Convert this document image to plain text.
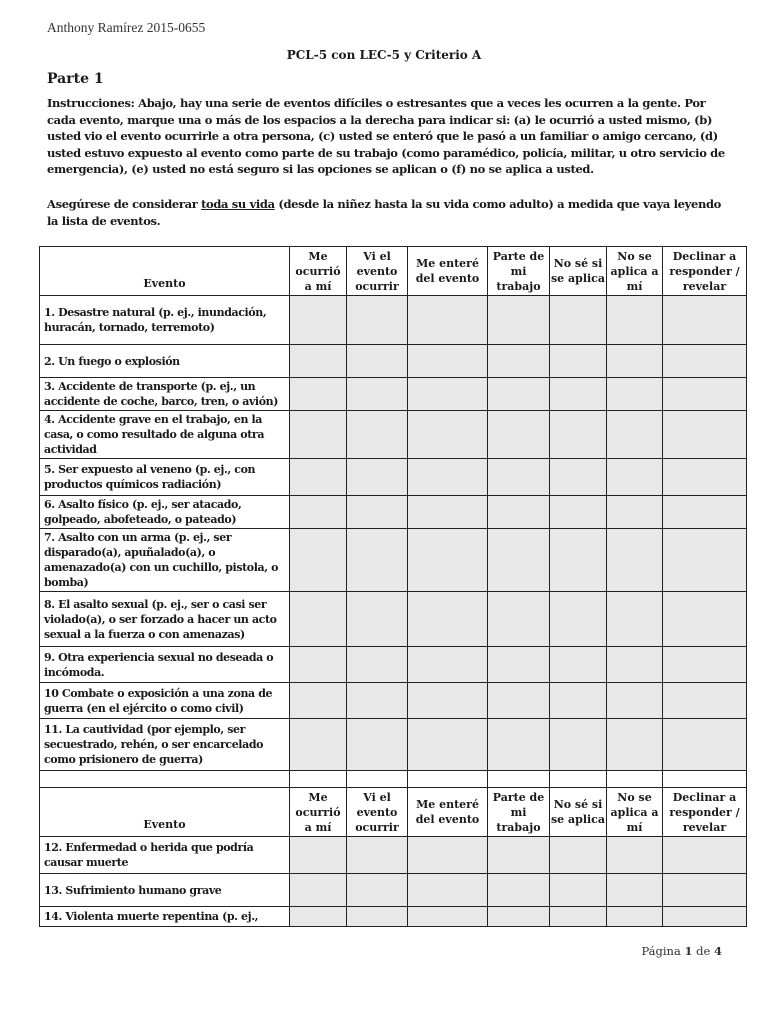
Anthony Ramírez 2015-0655
PCL-5 con LEC-5 y Criterio A
Parte 1
Instrucciones: Abajo, hay una serie de eventos difíciles o estresantes que a veces les ocurren a la gente. Por cada evento, marque una o más de los espacios a la derecha para indicar si: (a) le ocurrió a usted mismo, (b) usted vio el evento ocurrirle a otra persona, (c) usted se enteró que le pasó a un familiar o amigo cercano, (d) usted estuvo expuesto al evento como parte de su trabajo (como paramédico, policía, militar, u otro servicio de emergencia), (e) usted no está seguro si las opciones se aplican o (f) no se aplica a usted.
Asegúrese de considerar toda su vida (desde la niñez hasta la su vida como adulto) a medida que vaya leyendo la lista de eventos.
Evento	Me ocurrió a mí	Vi el evento ocurrir	Me enteré del evento	Parte de mi trabajo	No sé si se aplica	No se aplica a mí	Declinar a responder / revelar
1. Desastre natural (p. ej., inundación, huracán, tornado, terremoto)							
2. Un fuego o explosión							
3. Accidente de transporte (p. ej., un accidente de coche, barco, tren, o avión)							
4. Accidente grave en el trabajo, en la casa, o como resultado de alguna otra actividad							
5. Ser expuesto al veneno (p. ej., con productos químicos radiación)							
6. Asalto físico (p. ej., ser atacado, golpeado, abofeteado, o pateado)							
7. Asalto con un arma (p. ej., ser disparado(a), apuñalado(a), o amenazado(a) con un cuchillo, pistola, o bomba)							
8. El asalto sexual (p. ej., ser o casi ser violado(a), o ser forzado a hacer un acto sexual a la fuerza o con amenazas)							
9. Otra experiencia sexual no deseada o incómoda.							
10 Combate o exposición a una zona de guerra (en el ejército o como civil)							
11. La cautividad (por ejemplo, ser secuestrado, rehén, o ser encarcelado como prisionero de guerra)							

Evento	Me ocurrió a mí	Vi el evento ocurrir	Me enteré del evento	Parte de mi trabajo	No sé si se aplica	No se aplica a mí	Declinar a responder / revelar
12. Enfermedad o herida que podría causar muerte							
13. Sufrimiento humano grave							
14. Violenta muerte repentina (p. ej.,							
Página 1 de 4
